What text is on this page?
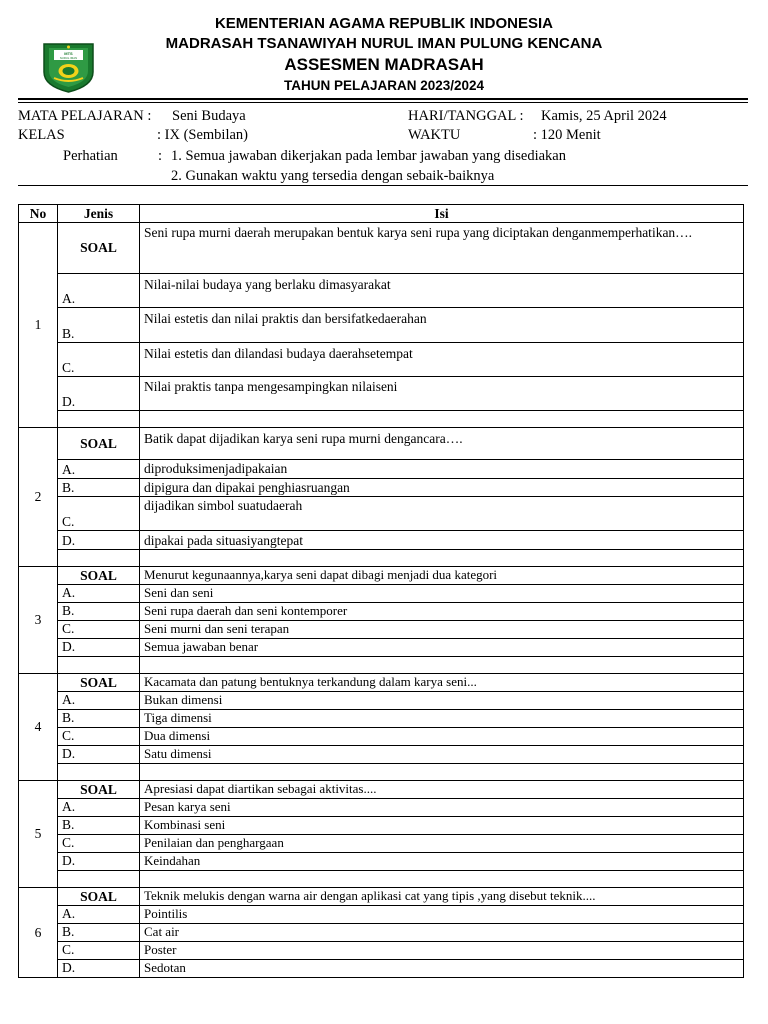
MTS
NURUL IMAN
KEMENTERIAN AGAMA REPUBLIK INDONESIA
MADRASAH TSANAWIYAH NURUL IMAN PULUNG KENCANA
ASSESMEN MADRASAH
TAHUN PELAJARAN 2023/2024
MATA PELAJARAN : Seni Budaya	HARI/TANGGAL : Kamis, 25 April 2024
KELAS	: IX (Sembilan)	WAKTU	: 120 Menit
Perhatian	: 1. Semua jawaban dikerjakan pada lembar jawaban yang disediakan
2. Gunakan waktu yang tersedia dengan sebaik-baiknya
No	Jenis	Isi
1	SOAL	Seni rupa murni daerah merupakan bentuk karya seni rupa yang diciptakan denganmemperhatikan….
	A.	Nilai-nilai budaya yang berlaku dimasyarakat
	B.	Nilai estetis dan nilai praktis dan bersifatkedaerahan
	C.	Nilai estetis dan dilandasi budaya daerahsetempat
	D.	Nilai praktis tanpa mengesampingkan nilaiseni

2	SOAL	Batik dapat dijadikan karya seni rupa murni dengancara….
	A.	diproduksimenjadipakaian
	B.	dipigura dan dipakai penghiasruangan
	C.	dijadikan simbol suatudaerah
	D.	dipakai pada situasiyangtepat

3	SOAL	Menurut kegunaannya,karya seni dapat dibagi menjadi dua kategori
	A.	Seni dan seni
	B.	Seni rupa daerah dan seni kontemporer
	C.	Seni murni dan seni terapan
	D.	Semua jawaban benar

4	SOAL	Kacamata dan patung bentuknya terkandung dalam karya seni...
	A.	Bukan dimensi
	B.	Tiga dimensi
	C.	Dua dimensi
	D.	Satu dimensi

5	SOAL	Apresiasi dapat diartikan sebagai aktivitas....
	A.	Pesan karya seni
	B.	Kombinasi seni
	C.	Penilaian dan penghargaan
	D.	Keindahan

6	SOAL	Teknik melukis dengan warna air dengan aplikasi cat yang tipis ,yang disebut teknik....
	A.	Pointilis
	B.	Cat air
	C.	Poster
	D.	Sedotan
